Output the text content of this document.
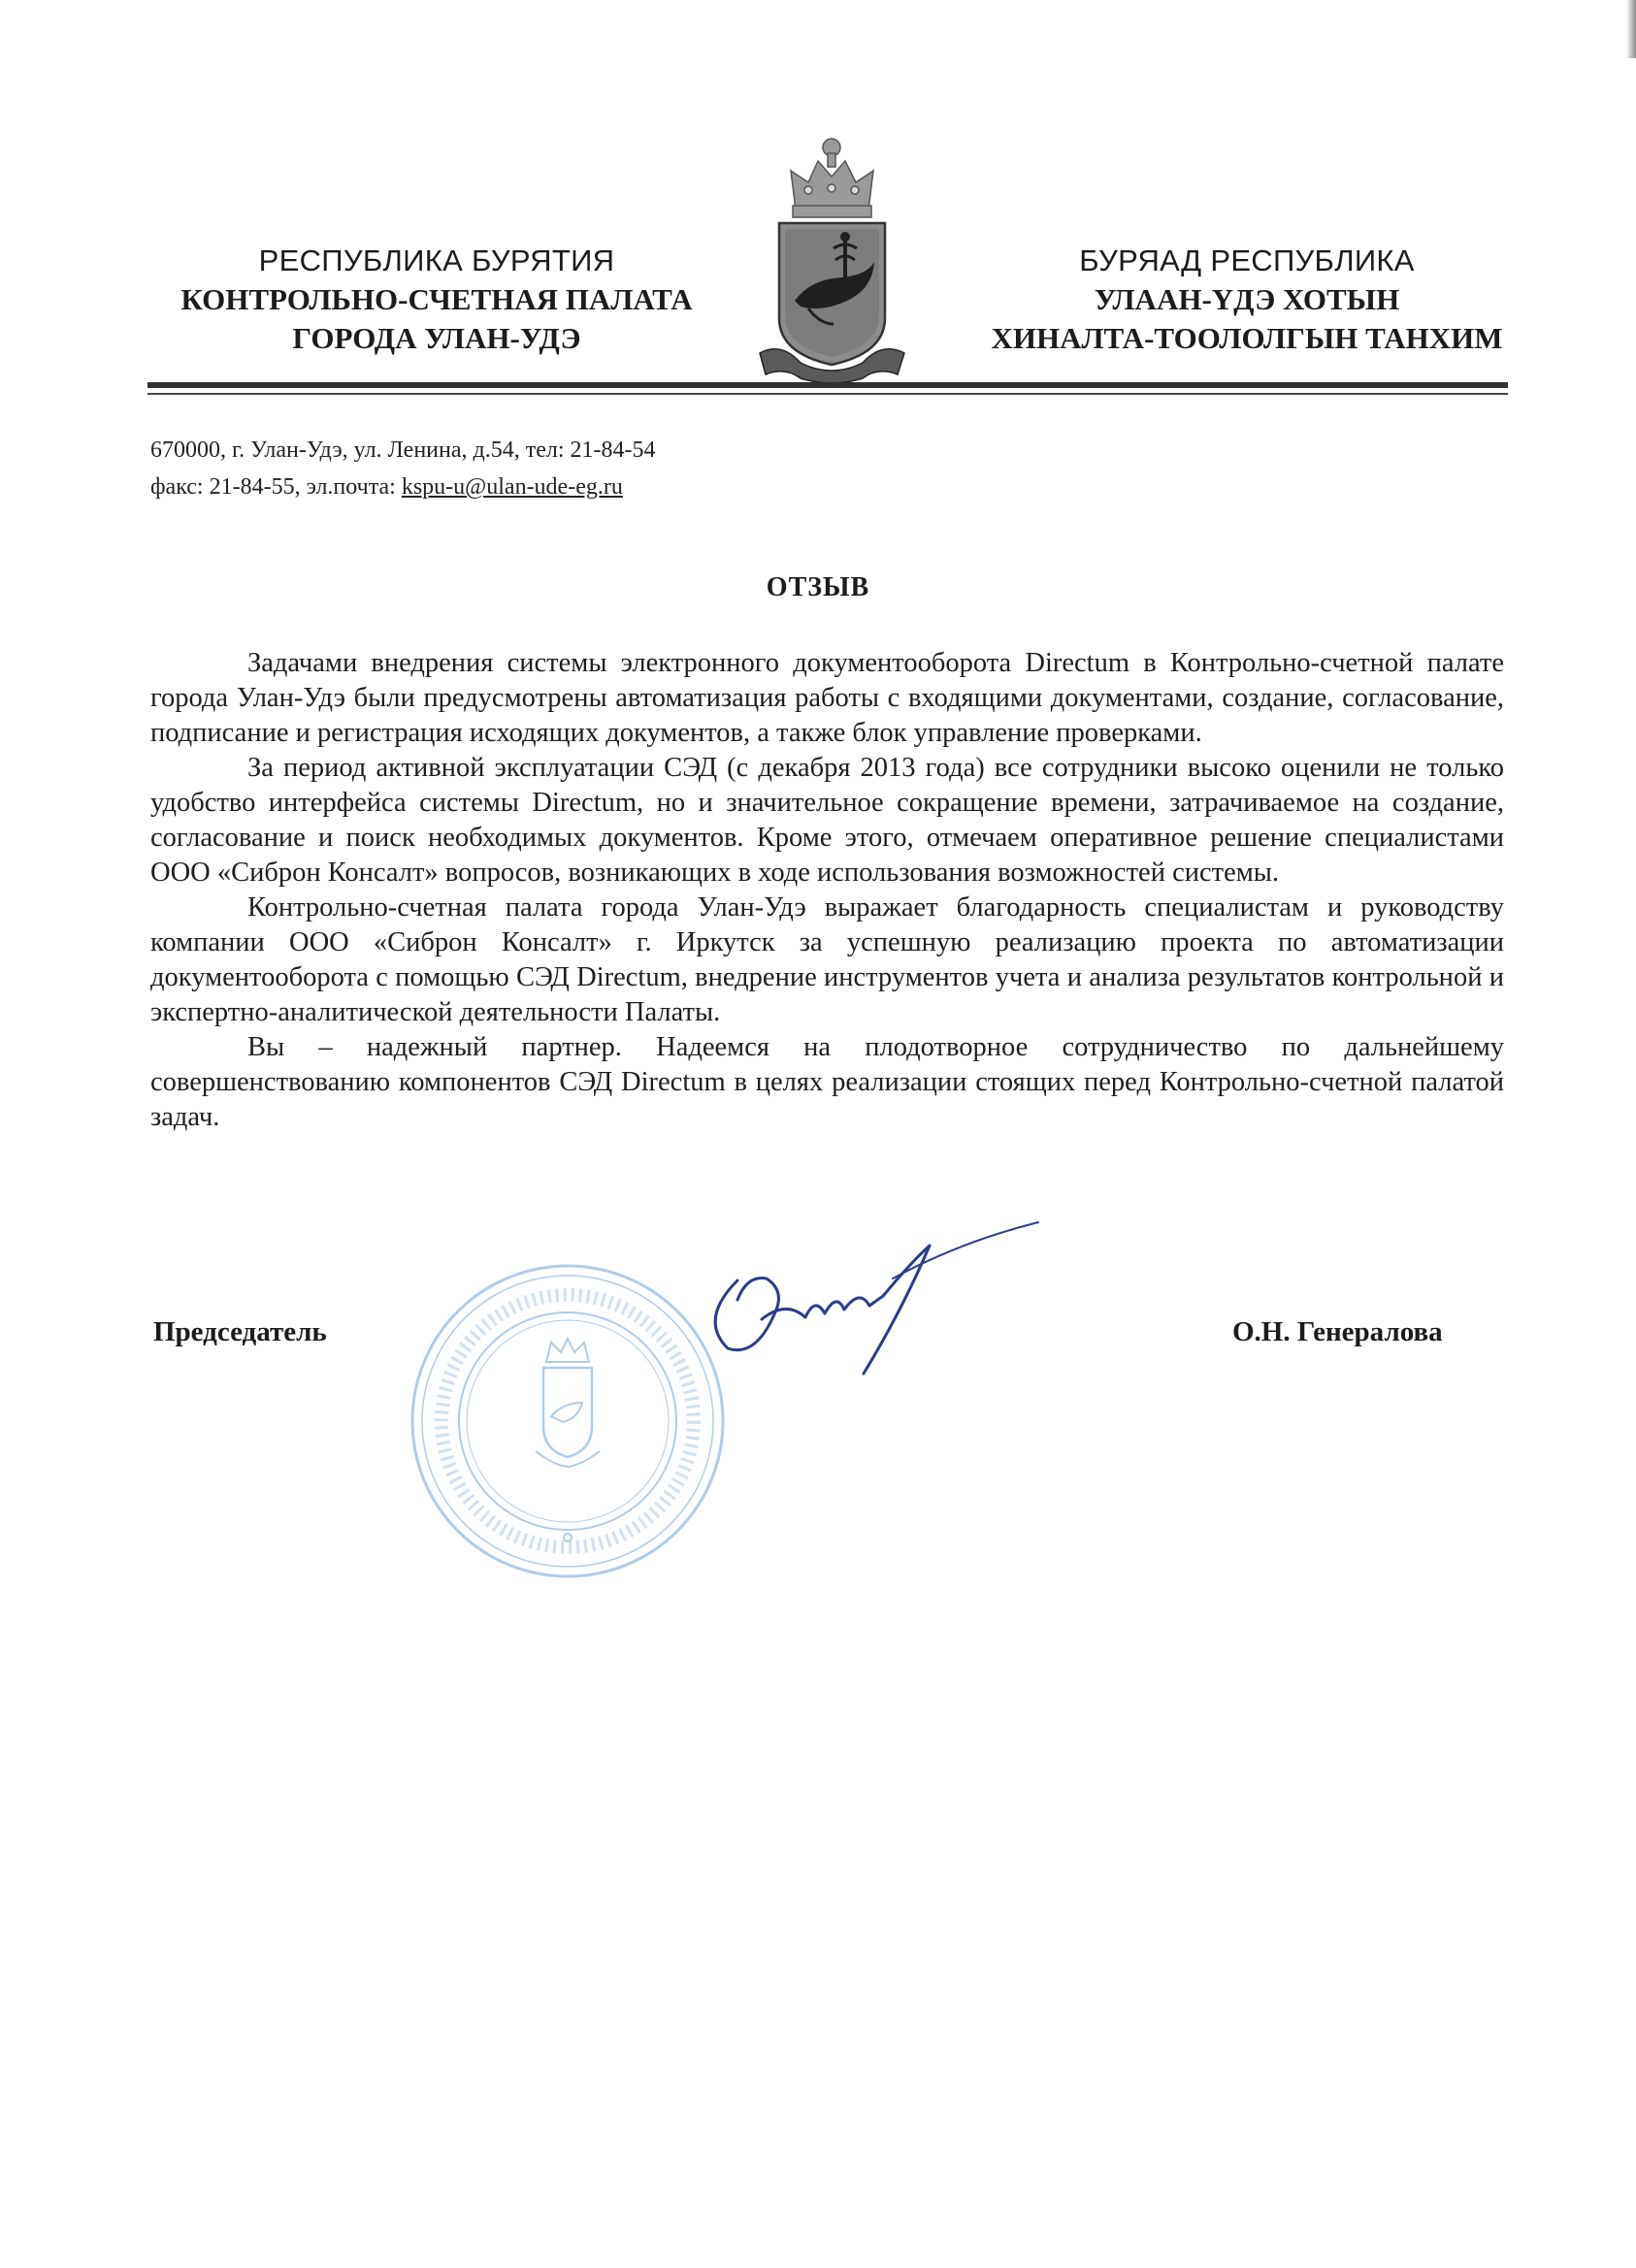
РЕСПУБЛИКА БУРЯТИЯ
КОНТРОЛЬНО-СЧЕТНАЯ ПАЛАТА
ГОРОДА УЛАН-УДЭ
БУРЯАД РЕСПУБЛИКА
УЛААН-ҮДЭ ХОТЫН
ХИНАЛТА-ТООЛОЛГЫН ТАНХИМ
670000, г. Улан-Удэ, ул. Ленина, д.54, тел: 21-84-54
факс: 21-84-55, эл.почта: kspu-u@ulan-ude-eg.ru
ОТЗЫВ

Задачами внедрения системы электронного документооборота Directum в Контрольно-счетной палате города Улан-Удэ были предусмотрены автоматизация работы с входящими документами, создание, согласование, подписание и регистрация исходящих документов, а также блок управление проверками.

За период активной эксплуатации СЭД (с декабря 2013 года) все сотрудники высоко оценили не только удобство интерфейса системы Directum, но и значительное сокращение времени, затрачиваемое на создание, согласование и поиск необходимых документов. Кроме этого, отмечаем оперативное решение специалистами ООО «Сиброн Консалт» вопросов, возникающих в ходе использования возможностей системы.

Контрольно-счетная палата города Улан-Удэ выражает благодарность специалистам и руководству компании ООО «Сиброн Консалт» г. Иркутск за успешную реализацию проекта по автоматизации документооборота с помощью СЭД Directum, внедрение инструментов учета и анализа результатов контрольной и экспертно-аналитической деятельности Палаты.

Вы – надежный партнер. Надеемся на плодотворное сотрудничество по дальнейшему совершенствованию компонентов СЭД Directum в целях реализации стоящих перед Контрольно-счетной палатой задач.

Председатель	О.Н. Генералова
